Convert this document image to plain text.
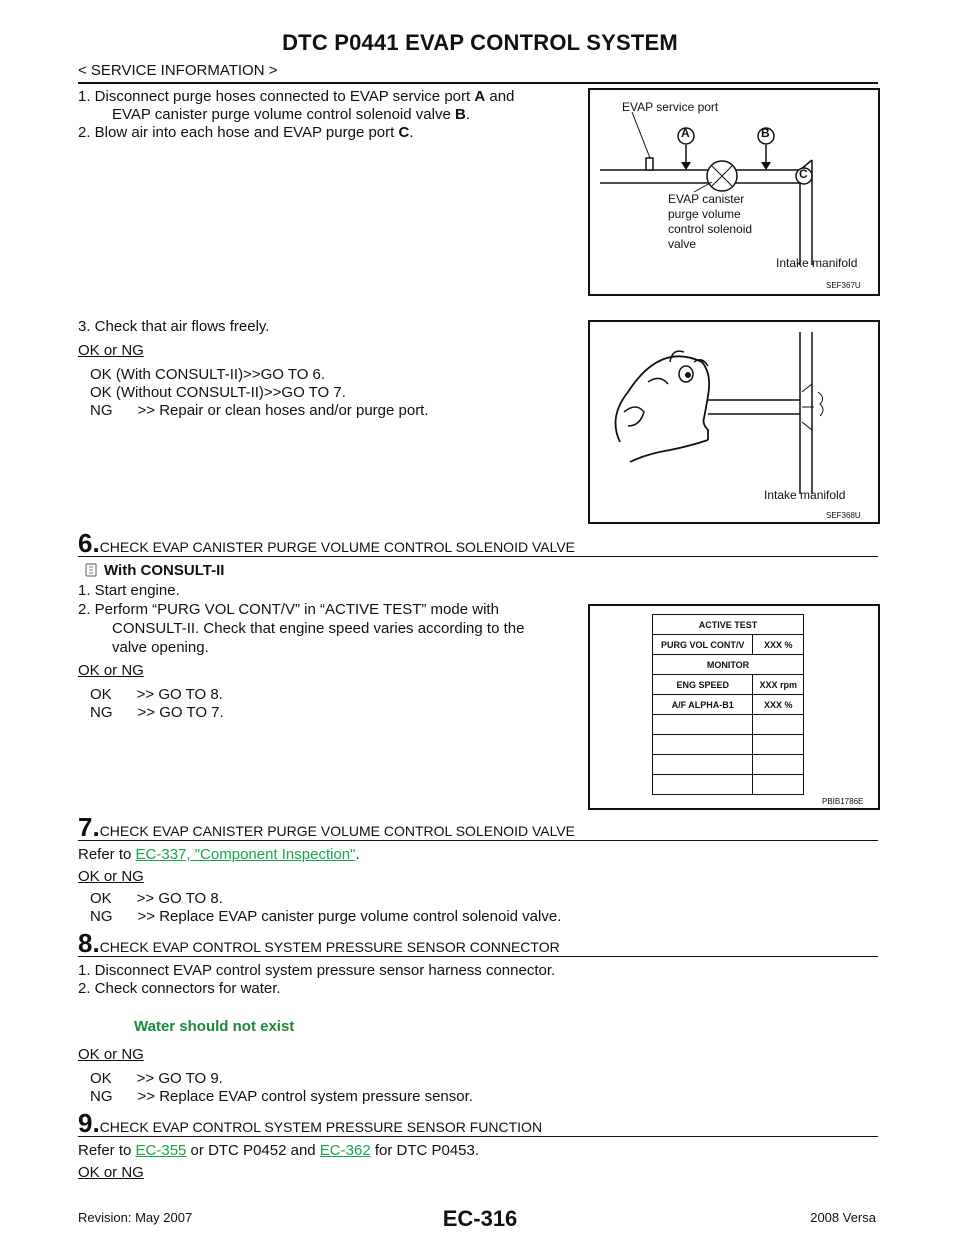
DTC P0441 EVAP CONTROL SYSTEM
< SERVICE INFORMATION >
1. Disconnect purge hoses connected to EVAP service port A and
EVAP canister purge volume control solenoid valve B.
2. Blow air into each hose and EVAP purge port C.
EVAP service port
A	B
C
EVAP canister
purge volume
control solenoid
valve
Intake manifold
SEF367U
3. Check that air flows freely.
OK or NG
OK (With CONSULT-II)>>GO TO 6.
OK (Without CONSULT-II)>>GO TO 7.
NG      >> Repair or clean hoses and/or purge port.
Intake manifold
SEF368U
6.CHECK EVAP CANISTER PURGE VOLUME CONTROL SOLENOID VALVE
With CONSULT-II
1. Start engine.
2. Perform “PURG VOL CONT/V” in “ACTIVE TEST” mode with
CONSULT-II. Check that engine speed varies according to the
valve opening.
OK or NG
OK      >> GO TO 8.
NG      >> GO TO 7.
ACTIVE TEST	
PURG VOL CONT/V	XXX %
MONITOR	
ENG SPEED	XXX rpm
A/F ALPHA-B1	XXX %

PBIB1786E
7.CHECK EVAP CANISTER PURGE VOLUME CONTROL SOLENOID VALVE
Refer to EC-337, "Component Inspection".
OK or NG
OK      >> GO TO 8.
NG      >> Replace EVAP canister purge volume control solenoid valve.
8.CHECK EVAP CONTROL SYSTEM PRESSURE SENSOR CONNECTOR
1. Disconnect EVAP control system pressure sensor harness connector.
2. Check connectors for water.
Water should not exist
OK or NG
OK      >> GO TO 9.
NG      >> Replace EVAP control system pressure sensor.
9.CHECK EVAP CONTROL SYSTEM PRESSURE SENSOR FUNCTION
Refer to EC-355 or DTC P0452 and EC-362 for DTC P0453.
OK or NG
Revision: May 2007	EC-316	2008 Versa
